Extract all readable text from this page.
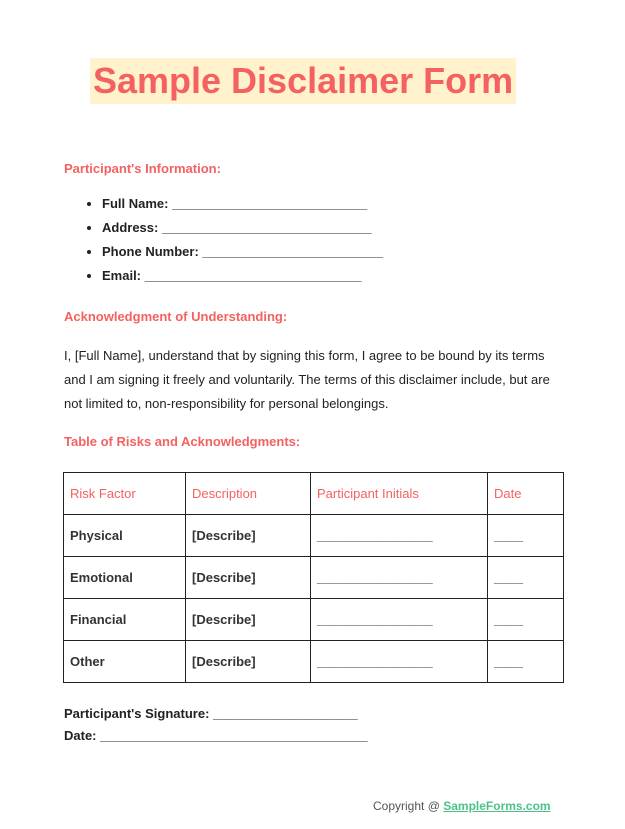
Sample Disclaimer Form
Participant's Information:
• Full Name: ___________________________
• Address: _____________________________
• Phone Number: _________________________
• Email: ______________________________
Acknowledgment of Understanding:
I, [Full Name], understand that by signing this form, I agree to be bound by its terms and I am signing it freely and voluntarily. The terms of this disclaimer include, but are not limited to, non-responsibility for personal belongings.
Table of Risks and Acknowledgments:
Risk Factor	Description	Participant Initials	Date
Physical	[Describe]	________________	____
Emotional	[Describe]	________________	____
Financial	[Describe]	________________	____
Other	[Describe]	________________	____
Participant's Signature: ____________________
Date: _____________________________________
Copyright @ SampleForms.com
